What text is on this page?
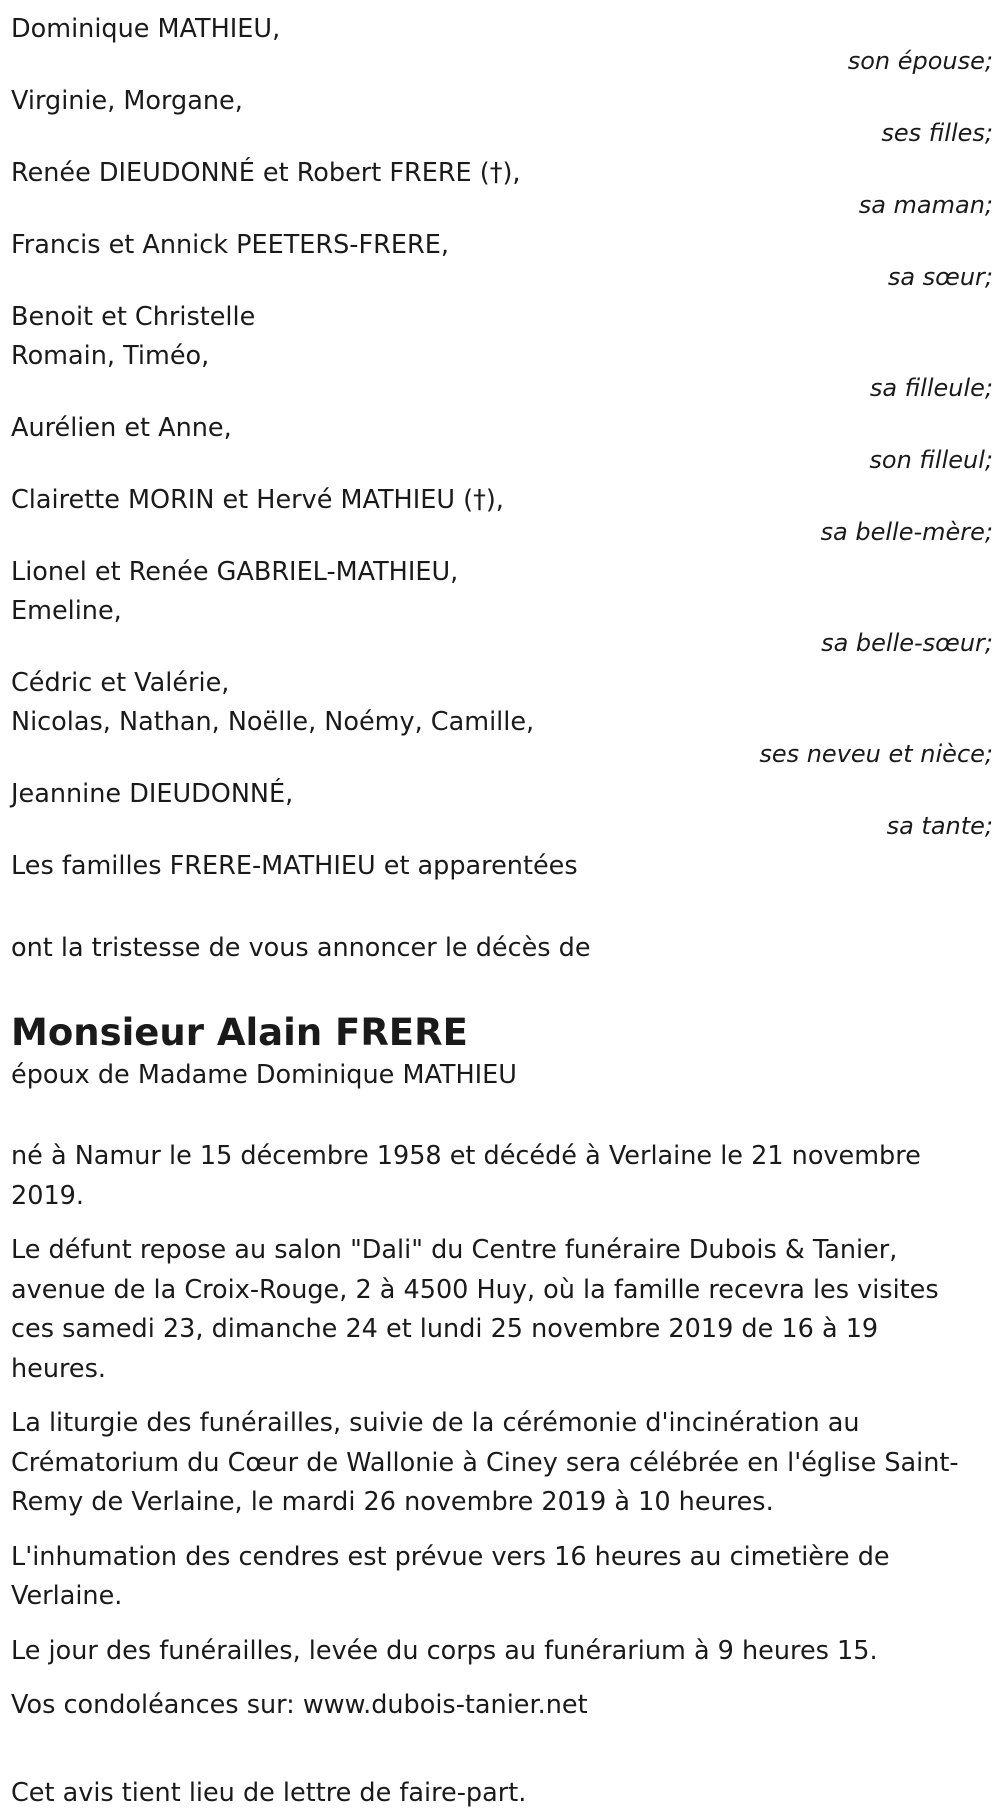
Dominique MATHIEU,
son épouse;
Virginie, Morgane,
ses filles;
Renée DIEUDONNÉ et Robert FRERE (†),
sa maman;
Francis et Annick PEETERS-FRERE,
sa sœur;
Benoit et Christelle
Romain, Timéo,
sa filleule;
Aurélien et Anne,
son filleul;
Clairette MORIN et Hervé MATHIEU (†),
sa belle-mère;
Lionel et Renée GABRIEL-MATHIEU,
Emeline,
sa belle-sœur;
Cédric et Valérie,
Nicolas, Nathan, Noëlle, Noémy, Camille,
ses neveu et nièce;
Jeannine DIEUDONNÉ,
sa tante;
Les familles FRERE-MATHIEU et apparentées
ont la tristesse de vous annoncer le décès de
Monsieur Alain FRERE
époux de Madame Dominique MATHIEU

né à Namur le 15 décembre 1958 et décédé à Verlaine le 21 novembre 2019.

Le défunt repose au salon "Dali" du Centre funéraire Dubois & Tanier, avenue de la Croix-Rouge, 2 à 4500 Huy, où la famille recevra les visites ces samedi 23, dimanche 24 et lundi 25 novembre 2019 de 16 à 19 heures.

La liturgie des funérailles, suivie de la cérémonie d'incinération au Crématorium du Cœur de Wallonie à Ciney sera célébrée en l'église Saint-Remy de Verlaine, le mardi 26 novembre 2019 à 10 heures.

L'inhumation des cendres est prévue vers 16 heures au cimetière de Verlaine.

Le jour des funérailles, levée du corps au funérarium à 9 heures 15.

Vos condoléances sur: www.dubois-tanier.net

Cet avis tient lieu de lettre de faire-part.
